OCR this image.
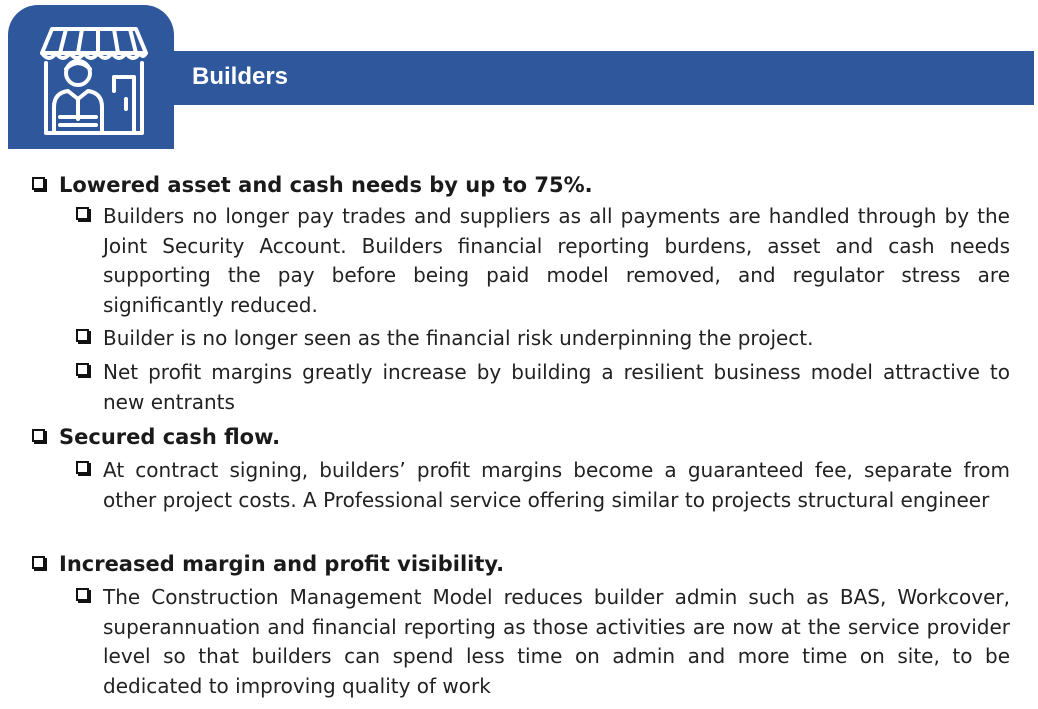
Builders
Lowered asset and cash needs by up to 75%.
Builders no longer pay trades and suppliers as all payments are handled through by the Joint Security Account. Builders financial reporting burdens, asset and cash needs supporting the pay before being paid model removed, and regulator stress are significantly reduced.
Builder is no longer seen as the financial risk underpinning the project.
Net profit margins greatly increase by building a resilient business model attractive to new entrants
Secured cash flow.
At contract signing, builders’ profit margins become a guaranteed fee, separate from other project costs. A Professional service offering similar to projects structural engineer
Increased margin and profit visibility.
The Construction Management Model reduces builder admin such as BAS, Workcover, superannuation and financial reporting as those activities are now at the service provider level so that builders can spend less time on admin and more time on site, to be dedicated to improving quality of work
